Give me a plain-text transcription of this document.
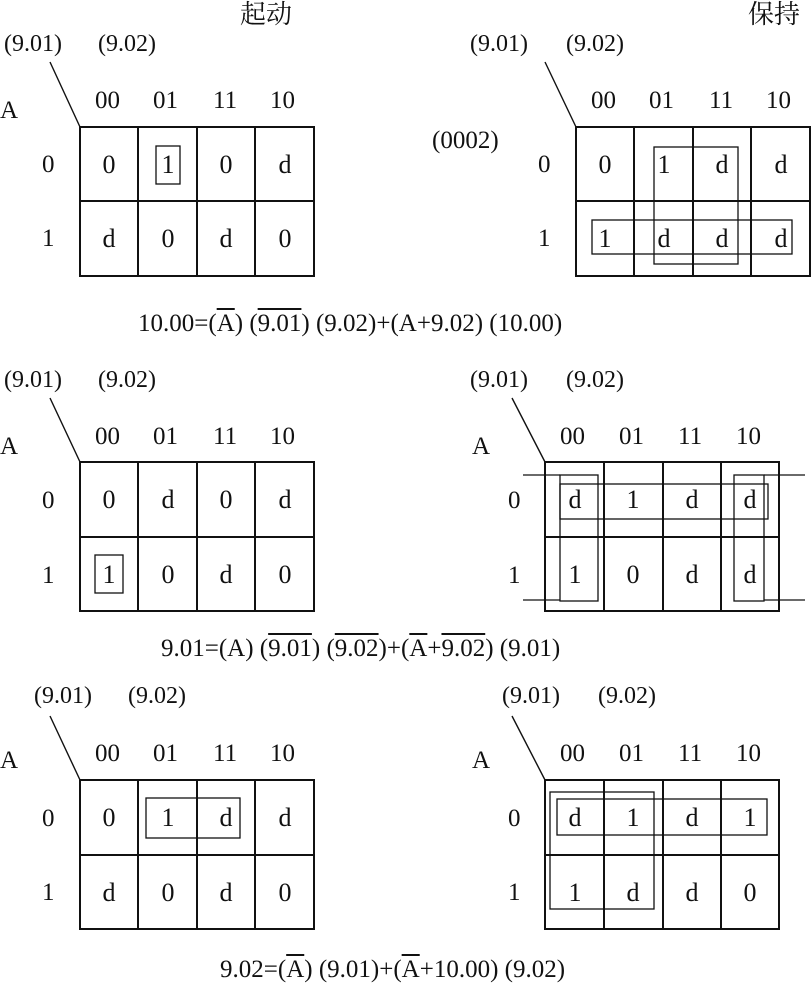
起动	保持
(9.01) (9.02)
A	00 01 11 10
0
1
0	1	0	d
d	0	d	0
(9.01) (9.02)
(0002)
00 01 11 10
0
1
0	1	d	d
1	d	d	d
$10.00=(\overline{A})$ (9.01) (9.02)+(A+9.02) (10.00)
(9.01) (9.02)
A	00 01 11 10
0
1
0	d	0	d
1	0	d	0
(9.01) (9.02)
A	00 01 11 10
0
1
d	1	d	d
1	0	d	d
9.01=(A) (9.01) $(9.02)+(\overline{A}+9.02)$ (9.01)
(9.01) (9.02)
A	00 01 11 10
0
1
0	1	d	d
d	0	d	0
(9.01) (9.02)
A	00 01 11 10
0
1
d	1	d	1
1	d	d	0
$9.02=(\overline{A})$ $(9.01)+(\overline{A}+10.00)$ (9.02)
